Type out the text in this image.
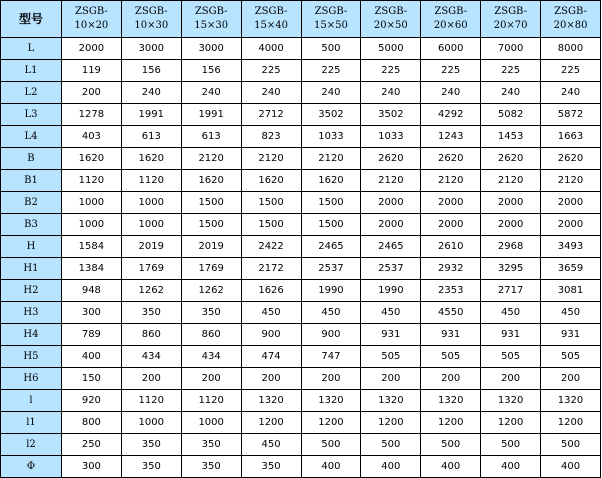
型号	ZSGB-10×20	ZSGB-10×30	ZSGB-15×30	ZSGB-15×40	ZSGB-15×50	ZSGB-20×50	ZSGB-20×60	ZSGB-20×70	ZSGB-20×80
L	2000	3000	3000	4000	500	5000	6000	7000	8000
L1	119	156	156	225	225	225	225	225	225
L2	200	240	240	240	240	240	240	240	240
L3	1278	1991	1991	2712	3502	3502	4292	5082	5872
L4	403	613	613	823	1033	1033	1243	1453	1663
B	1620	1620	2120	2120	2120	2620	2620	2620	2620
B1	1120	1120	1620	1620	1620	2120	2120	2120	2120
B2	1000	1000	1500	1500	1500	2000	2000	2000	2000
B3	1000	1000	1500	1500	1500	2000	2000	2000	2000
H	1584	2019	2019	2422	2465	2465	2610	2968	3493
H1	1384	1769	1769	2172	2537	2537	2932	3295	3659
H2	948	1262	1262	1626	1990	1990	2353	2717	3081
H3	300	350	350	450	450	450	4550	450	450
H4	789	860	860	900	900	931	931	931	931
H5	400	434	434	474	747	505	505	505	505
H6	150	200	200	200	200	200	200	200	200
l	920	1120	1120	1320	1320	1320	1320	1320	1320
l1	800	1000	1000	1200	1200	1200	1200	1200	1200
l2	250	350	350	450	500	500	500	500	500
Φ	300	350	350	350	400	400	400	400	400
